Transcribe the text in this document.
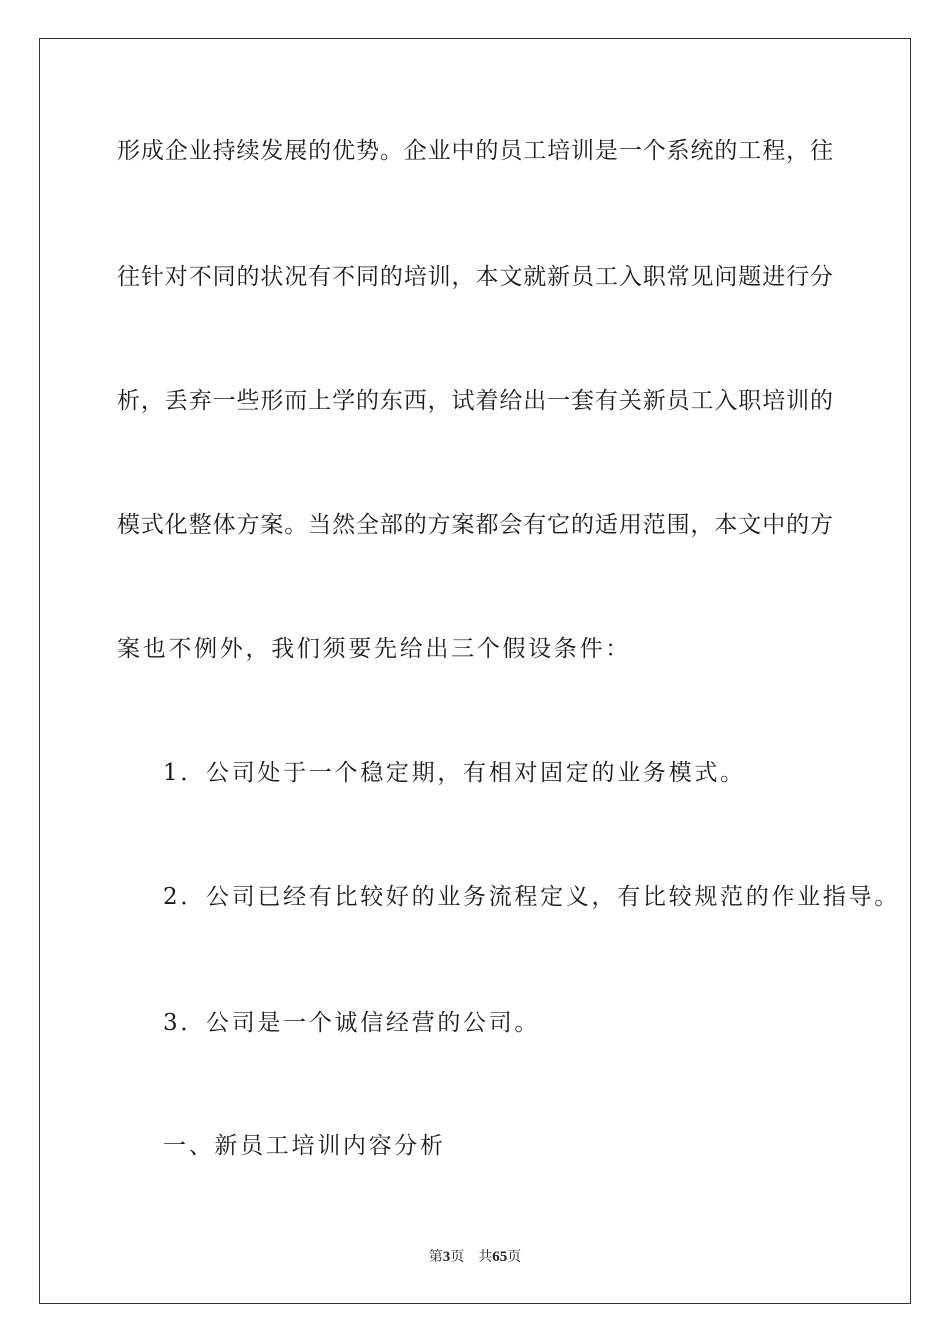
形成企业持续发展的优势。企业中的员工培训是一个系统的工程，往
往针对不同的状况有不同的培训，本文就新员工入职常见问题进行分
析，丢弃一些形而上学的东西，试着给出一套有关新员工入职培训的
模式化整体方案。当然全部的方案都会有它的适用范围，本文中的方
案也不例外，我们须要先给出三个假设条件：
1．公司处于一个稳定期，有相对固定的业务模式。
2．公司已经有比较好的业务流程定义，有比较规范的作业指导。
3．公司是一个诚信经营的公司。
一、新员工培训内容分析
第3页 共65页
